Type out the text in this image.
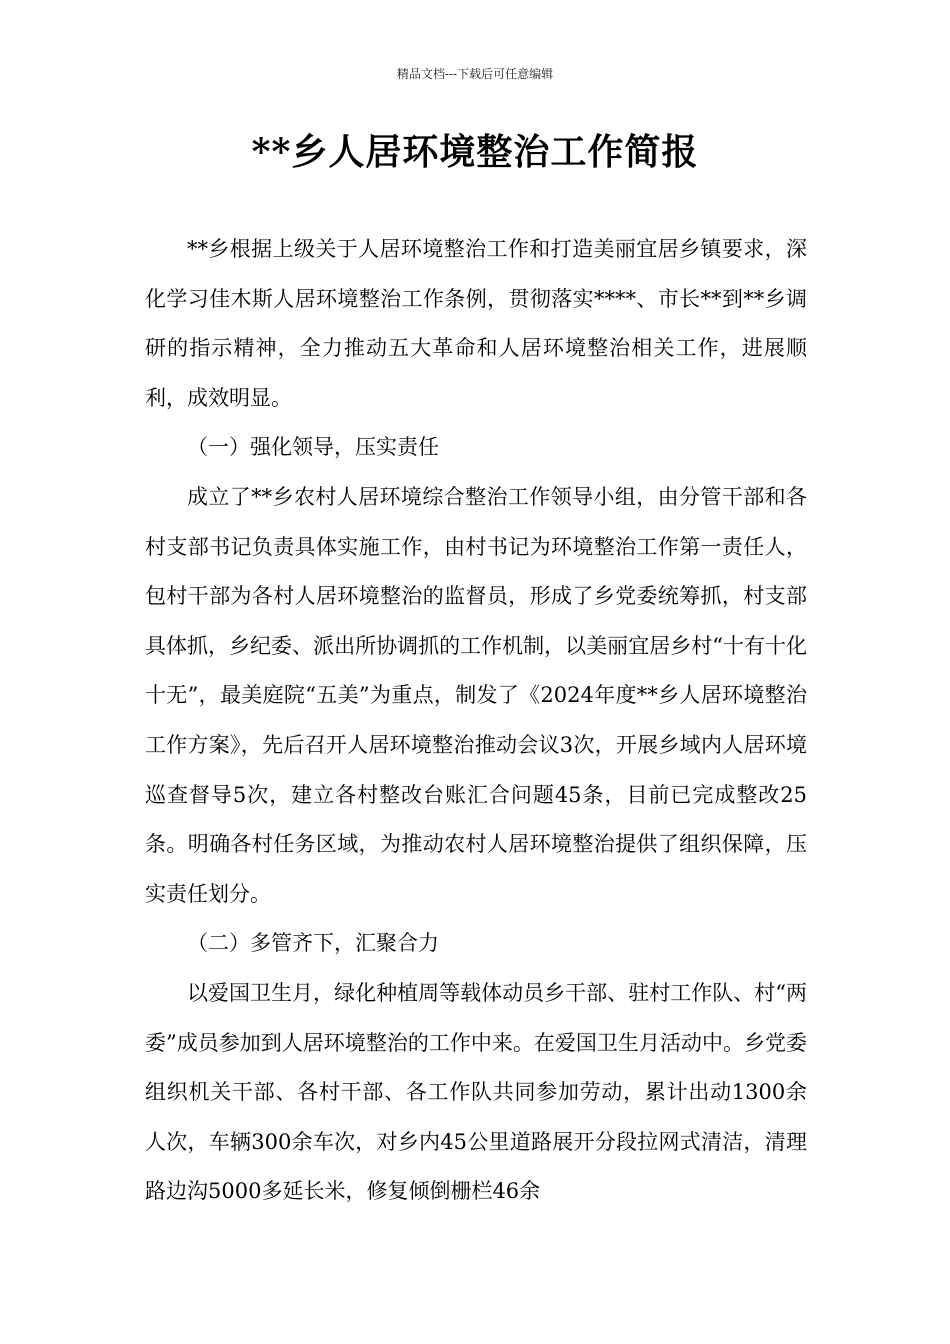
精品文档---下载后可任意编辑
**乡人居环境整治工作简报

**乡根据上级关于人居环境整治工作和打造美丽宜居乡镇要求，深化学习佳木斯人居环境整治工作条例，贯彻落实****、市长**到**乡调研的指示精神，全力推动五大革命和人居环境整治相关工作，进展顺利，成效明显。

（一）强化领导，压实责任

成立了**乡农村人居环境综合整治工作领导小组，由分管干部和各村支部书记负责具体实施工作，由村书记为环境整治工作第一责任人，包村干部为各村人居环境整治的监督员，形成了乡党委统筹抓，村支部具体抓，乡纪委、派出所协调抓的工作机制，以美丽宜居乡村“十有十化十无”，最美庭院“五美”为重点，制发了《2024年度**乡人居环境整治工作方案》，先后召开人居环境整治推动会议3次，开展乡域内人居环境巡查督导5次，建立各村整改台账汇合问题45条，目前已完成整改25条。明确各村任务区域，为推动农村人居环境整治提供了组织保障，压实责任划分。

（二）多管齐下，汇聚合力

以爱国卫生月，绿化种植周等载体动员乡干部、驻村工作队、村“两委”成员参加到人居环境整治的工作中来。在爱国卫生月活动中。乡党委组织机关干部、各村干部、各工作队共同参加劳动，累计出动1300余人次，车辆300余车次，对乡内45公里道路展开分段拉网式清洁，清理路边沟5000多延长米，修复倾倒栅栏46余
